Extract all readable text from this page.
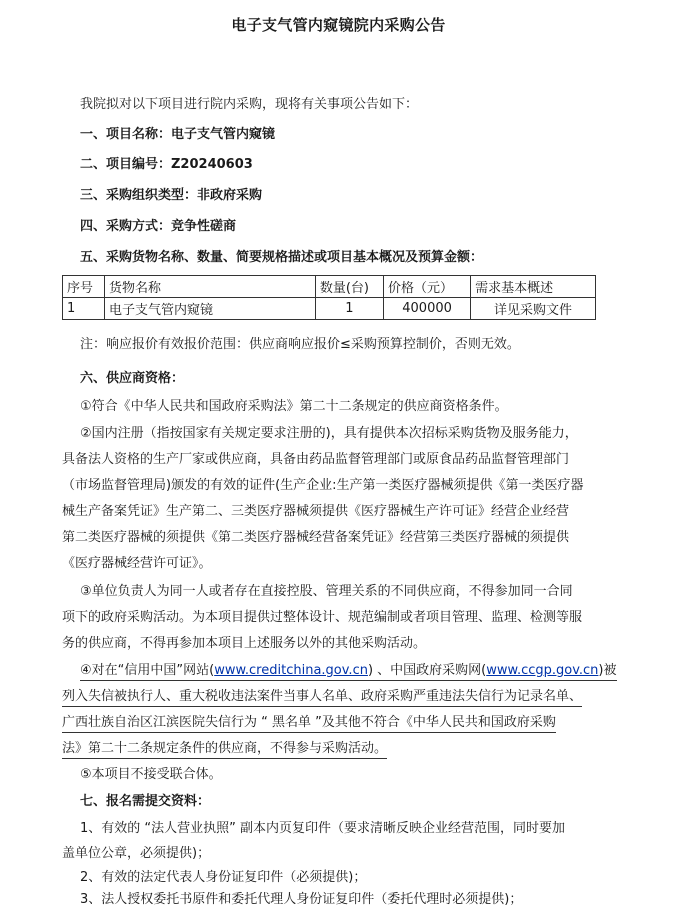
电子支气管内窥镜院内采购公告
我院拟对以下项目进行院内采购，现将有关事项公告如下：
一、项目名称：电子支气管内窥镜
二、项目编号：Z20240603
三、采购组织类型：非政府采购
四、采购方式：竞争性磋商
五、采购货物名称、数量、简要规格描述或项目基本概况及预算金额：
序号	货物名称	数量(台)	价格（元）	需求基本概述
1	电子支气管内窥镜	1	400000	详见采购文件
注：响应报价有效报价范围：供应商响应报价≤采购预算控制价，否则无效。
六、供应商资格：
①符合《中华人民共和国政府采购法》第二十二条规定的供应商资格条件。
②国内注册（指按国家有关规定要求注册的)，具有提供本次招标采购货物及服务能力，
具备法人资格的生产厂家或供应商，具备由药品监督管理部门或原食品药品监督管理部门
（市场监督管理局)颁发的有效的证件(生产企业:生产第一类医疗器械须提供《第一类医疗器
械生产备案凭证》生产第二、三类医疗器械须提供《医疗器械生产许可证》经营企业经营
第二类医疗器械的须提供《第二类医疗器械经营备案凭证》经营第三类医疗器械的须提供
《医疗器械经营许可证》。
③单位负责人为同一人或者存在直接控股、管理关系的不同供应商，不得参加同一合同
项下的政府采购活动。为本项目提供过整体设计、规范编制或者项目管理、监理、检测等服
务的供应商，不得再参加本项目上述服务以外的其他采购活动。
④对在“信用中国”网站(www.creditchina.gov.cn) 、中国政府采购网(www.ccgp.gov.cn)被
列入失信被执行人、重大税收违法案件当事人名单、政府采购严重违法失信行为记录名单、
广西壮族自治区江滨医院失信行为 “ 黑名单 ”及其他不符合《中华人民共和国政府采购
法》第二十二条规定条件的供应商，不得参与采购活动。
⑤本项目不接受联合体。
七、报名需提交资料：
1、有效的 “法人营业执照” 副本内页复印件（要求清晰反映企业经营范围，同时要加
盖单位公章，必须提供)；
2、有效的法定代表人身份证复印件（必须提供)；
3、法人授权委托书原件和委托代理人身份证复印件（委托代理时必须提供)；
